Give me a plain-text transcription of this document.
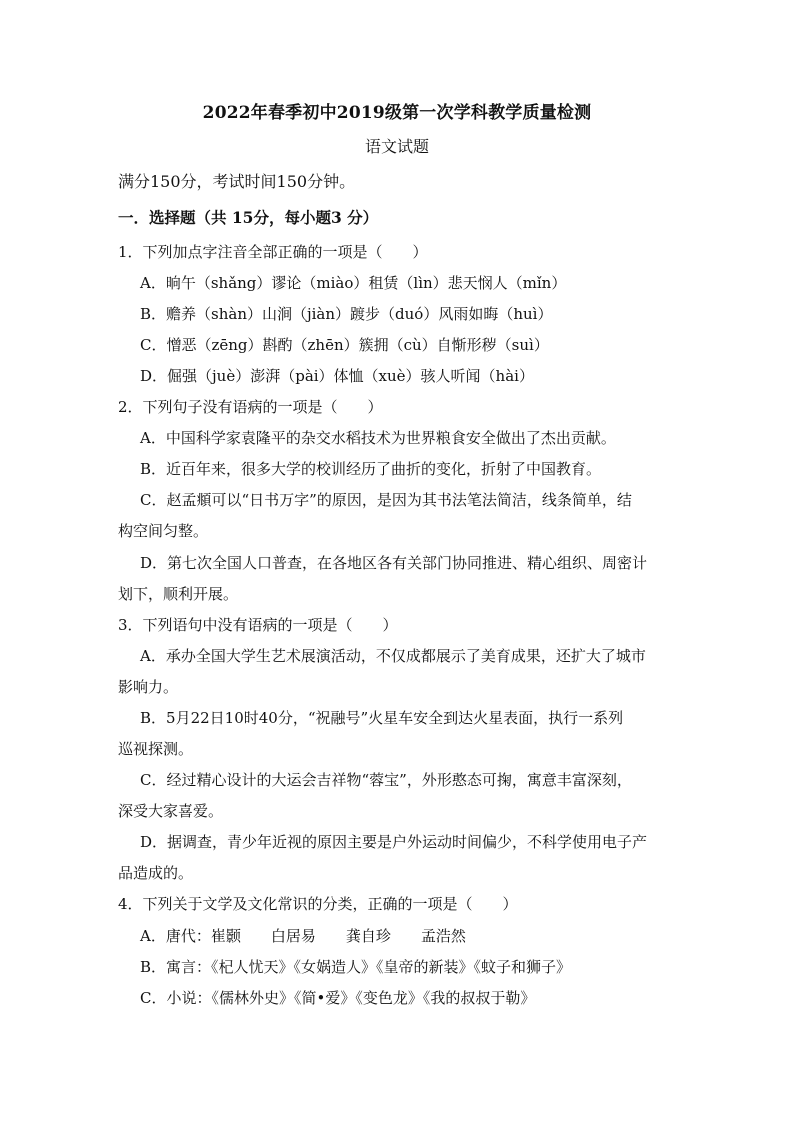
2022年春季初中2019级第一次学科教学质量检测
语文试题
满分150分，考试时间150分钟。
一．选择题（共 15分，每小题3 分）
1．下列加点字注音全部正确的一项是（　　）
A．晌午（shǎng）谬论（miào）租赁（lìn）悲天悯人（mǐn）
B．赡养（shàn）山涧（jiàn）踱步（duó）风雨如晦（huì）
C．憎恶（zēng）斟酌（zhēn）簇拥（cù）自惭形秽（suì）
D．倔强（juè）澎湃（pài）体恤（xuè）骇人听闻（hài）
2．下列句子没有语病的一项是（　　）
A．中国科学家袁隆平的杂交水稻技术为世界粮食安全做出了杰出贡献。
B．近百年来，很多大学的校训经历了曲折的变化，折射了中国教育。
C．赵孟頫可以“日书万字”的原因，是因为其书法笔法简洁，线条简单，结
构空间匀整。
D．第七次全国人口普查，在各地区各有关部门协同推进、精心组织、周密计
划下，顺利开展。
3．下列语句中没有语病的一项是（　　）
A．承办全国大学生艺术展演活动，不仅成都展示了美育成果，还扩大了城市
影响力。
B．5月22日10时40分，“祝融号”火星车安全到达火星表面，执行一系列
巡视探测。
C．经过精心设计的大运会吉祥物“蓉宝”，外形憨态可掬，寓意丰富深刻，
深受大家喜爱。
D．据调查，青少年近视的原因主要是户外运动时间偏少，不科学使用电子产
品造成的。
4．下列关于文学及文化常识的分类，正确的一项是（　　）
A．唐代：崔颢　　白居易　　龚自珍　　孟浩然
B．寓言：《杞人忧天》《女娲造人》《皇帝的新装》《蚊子和狮子》
C．小说：《儒林外史》《简•爱》《变色龙》《我的叔叔于勒》
